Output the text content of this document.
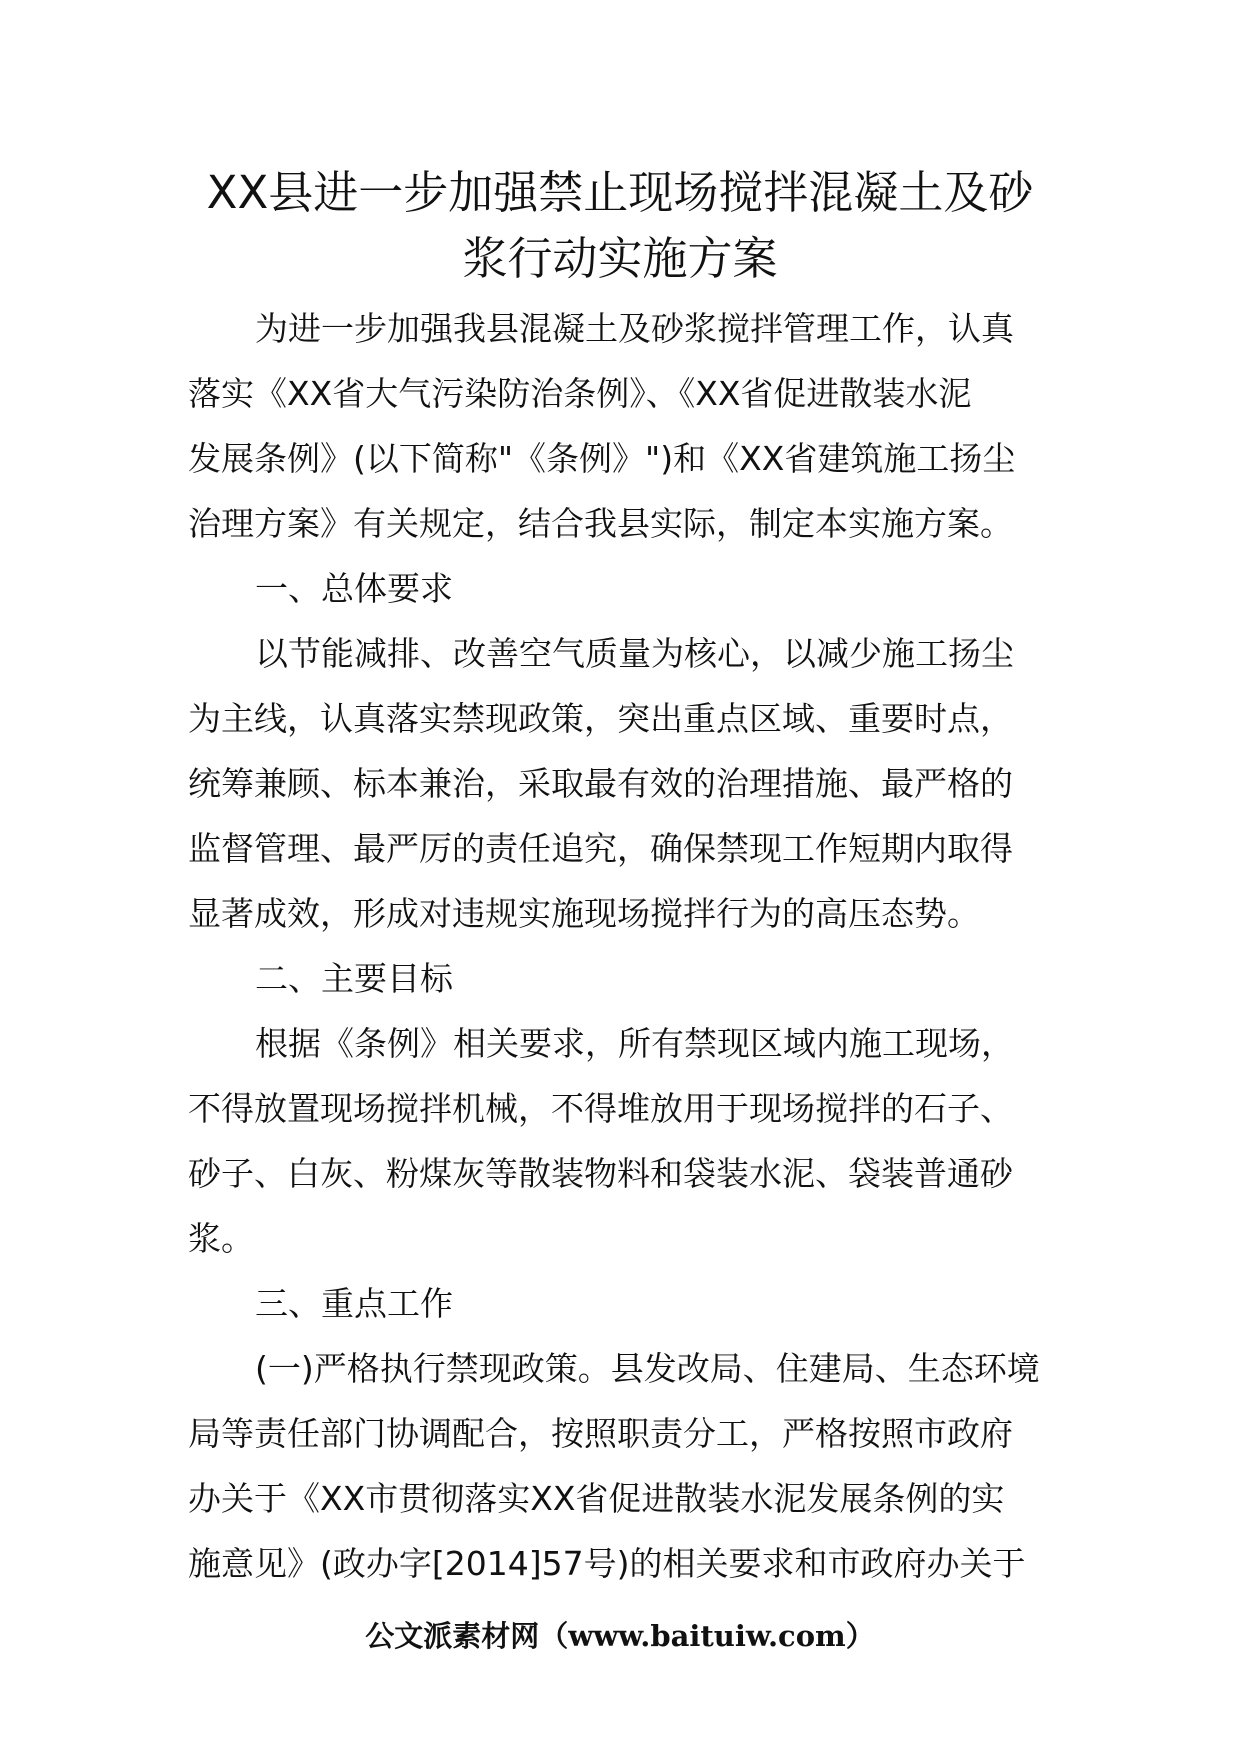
XX县进一步加强禁止现场搅拌混凝土及砂
浆行动实施方案

为进一步加强我县混凝土及砂浆搅拌管理工作，认真
落实《XX省大气污染防治条例》、《XX省促进散装水泥
发展条例》(以下简称"《条例》")和《XX省建筑施工扬尘
治理方案》有关规定，结合我县实际，制定本实施方案。

一、总体要求

以节能减排、改善空气质量为核心，以减少施工扬尘
为主线，认真落实禁现政策，突出重点区域、重要时点，
统筹兼顾、标本兼治，采取最有效的治理措施、最严格的
监督管理、最严厉的责任追究，确保禁现工作短期内取得
显著成效，形成对违规实施现场搅拌行为的高压态势。

二、主要目标

根据《条例》相关要求，所有禁现区域内施工现场，
不得放置现场搅拌机械，不得堆放用于现场搅拌的石子、
砂子、白灰、粉煤灰等散装物料和袋装水泥、袋装普通砂
浆。

三、重点工作

(一)严格执行禁现政策。县发改局、住建局、生态环境
局等责任部门协调配合，按照职责分工，严格按照市政府
办关于《XX市贯彻落实XX省促进散装水泥发展条例的实
施意见》(政办字[2014]57号)的相关要求和市政府办关于

公文派素材网（www.baituiw.com）
